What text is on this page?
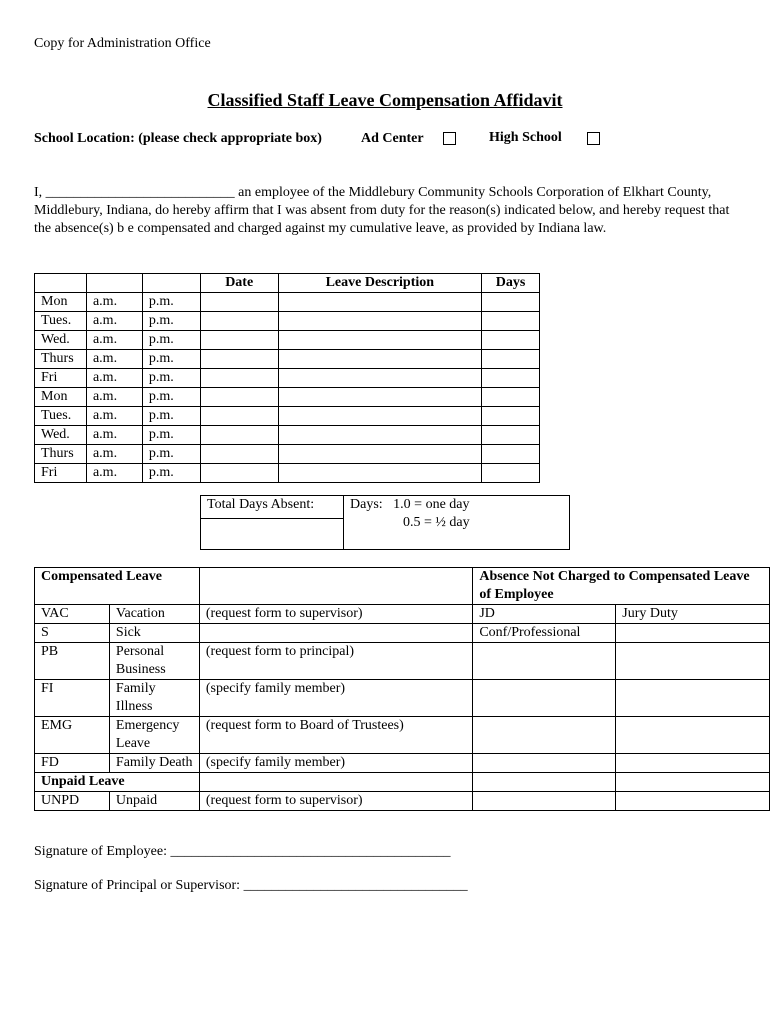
Copy for Administration Office
Classified Staff Leave Compensation Affidavit
School Location: (please check appropriate box)	Ad Center	High School
I, ___________________________ an employee of the Middlebury Community Schools Corporation of Elkhart County, Middlebury, Indiana, do hereby affirm that I was absent from duty for the reason(s) indicated below, and hereby request that the absence(s) b e compensated and charged against my cumulative leave, as provided by Indiana law.
			Date	Leave Description	Days
Mon	a.m.	p.m.			
Tues.	a.m.	p.m.			
Wed.	a.m.	p.m.			
Thurs	a.m.	p.m.			
Fri	a.m.	p.m.			
Mon	a.m.	p.m.			
Tues.	a.m.	p.m.			
Wed.	a.m.	p.m.			
Thurs	a.m.	p.m.			
Fri	a.m.	p.m.			
Total Days Absent:	Days: 1.0 = one day
0.5 = ½ day

Compensated Leave			Absence Not Charged to Compensated Leave of Employee	
VAC	Vacation	(request form to supervisor)	JD	Jury Duty
S	Sick		Conf/Professional	
PB	Personal Business	(request form to principal)		
FI	Family Illness	(specify family member)		
EMG	Emergency Leave	(request form to Board of Trustees)		
FD	Family Death	(specify family member)		
Unpaid Leave				
UNPD	Unpaid	(request form to supervisor)		
Signature of Employee: ________________________________________
Signature of Principal or Supervisor: ________________________________
